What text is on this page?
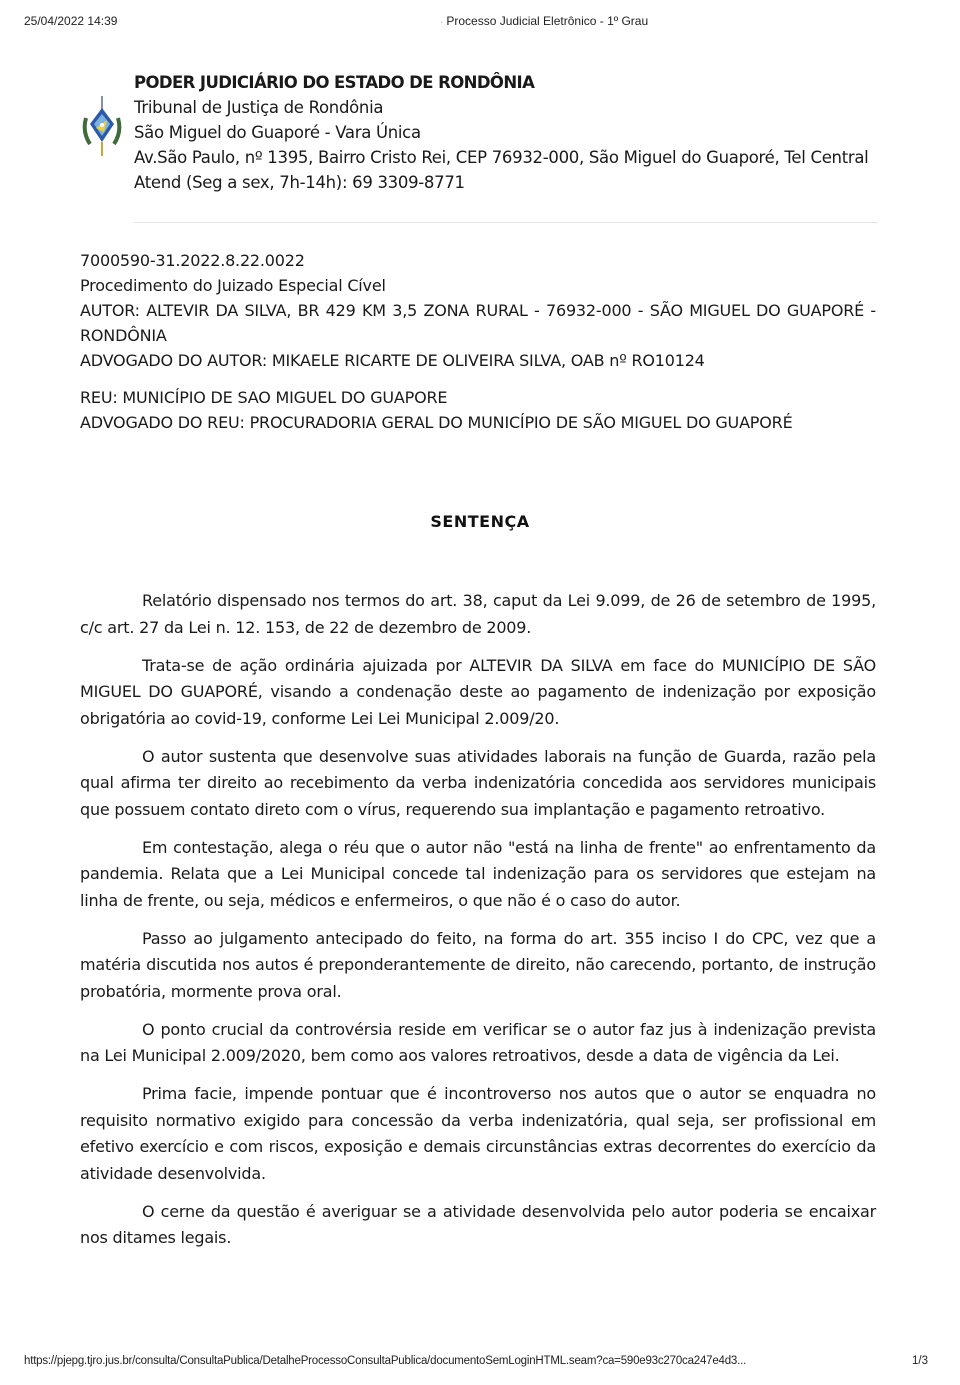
25/04/2022 14:39	· Processo Judicial Eletrônico - 1º Grau
PODER JUDICIÁRIO DO ESTADO DE RONDÔNIA
Tribunal de Justiça de Rondônia
São Miguel do Guaporé - Vara Única
Av.São Paulo, nº 1395, Bairro Cristo Rei, CEP 76932-000, São Miguel do Guaporé, Tel Central
Atend (Seg a sex, 7h-14h): 69 3309-8771
7000590-31.2022.8.22.0022
Procedimento do Juizado Especial Cível
AUTOR: ALTEVIR DA SILVA, BR 429 KM 3,5 ZONA RURAL - 76932-000 - SÃO MIGUEL DO GUAPORÉ - RONDÔNIA
ADVOGADO DO AUTOR: MIKAELE RICARTE DE OLIVEIRA SILVA, OAB nº RO10124
REU: MUNICÍPIO DE SAO MIGUEL DO GUAPORE
ADVOGADO DO REU: PROCURADORIA GERAL DO MUNICÍPIO DE SÃO MIGUEL DO GUAPORÉ
SENTENÇA

Relatório dispensado nos termos do art. 38, caput da Lei 9.099, de 26 de setembro de 1995, c/c art. 27 da Lei n. 12. 153, de 22 de dezembro de 2009.

Trata-se de ação ordinária ajuizada por ALTEVIR DA SILVA em face do MUNICÍPIO DE SÃO MIGUEL DO GUAPORÉ, visando a condenação deste ao pagamento de indenização por exposição obrigatória ao covid-19, conforme Lei Lei Municipal 2.009/20.

O autor sustenta que desenvolve suas atividades laborais na função de Guarda, razão pela qual afirma ter direito ao recebimento da verba indenizatória concedida aos servidores municipais que possuem contato direto com o vírus, requerendo sua implantação e pagamento retroativo.

Em contestação, alega o réu que o autor não "está na linha de frente" ao enfrentamento da pandemia. Relata que a Lei Municipal concede tal indenização para os servidores que estejam na linha de frente, ou seja, médicos e enfermeiros, o que não é o caso do autor.

Passo ao julgamento antecipado do feito, na forma do art. 355 inciso I do CPC, vez que a matéria discutida nos autos é preponderantemente de direito, não carecendo, portanto, de instrução probatória, mormente prova oral.

O ponto crucial da controvérsia reside em verificar se o autor faz jus à indenização prevista na Lei Municipal 2.009/2020, bem como aos valores retroativos, desde a data de vigência da Lei.

Prima facie, impende pontuar que é incontroverso nos autos que o autor se enquadra no requisito normativo exigido para concessão da verba indenizatória, qual seja, ser profissional em efetivo exercício e com riscos, exposição e demais circunstâncias extras decorrentes do exercício da atividade desenvolvida.

O cerne da questão é averiguar se a atividade desenvolvida pelo autor poderia se encaixar nos ditames legais.

https://pjepg.tjro.jus.br/consulta/ConsultaPublica/DetalheProcessoConsultaPublica/documentoSemLoginHTML.seam?ca=590e93c270ca247e4d3...	1/3
